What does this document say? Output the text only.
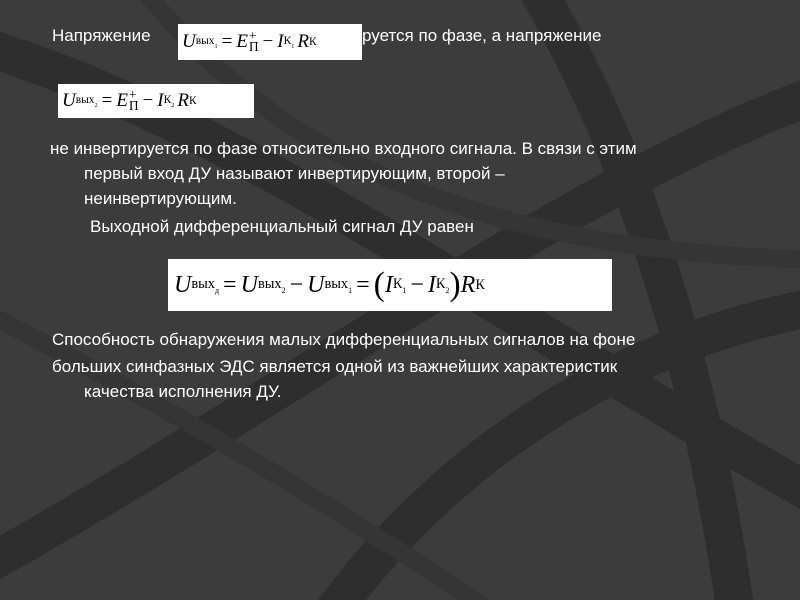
Напряжение	руется по фазе, а напряжение
U вых$_1$ = E +
П − I $К_1$ R К
U вых$_2$ = E +
П − I $К_2$ R К
не инвертируется по фазе относительно входного сигнала. В связи с этим
первый вход ДУ называют инвертирующим, второй –
неинвертирующим.
Выходной дифференциальный сигнал ДУ равен
U вых$_д$ = U вых$_2$ − U вых$_1$ = ( I $К_1 - I$ $К_2$ ) R К
Способность обнаружения малых дифференциальных сигналов на фоне
больших синфазных ЭДС является одной из важнейших характеристик
качества исполнения ДУ.
